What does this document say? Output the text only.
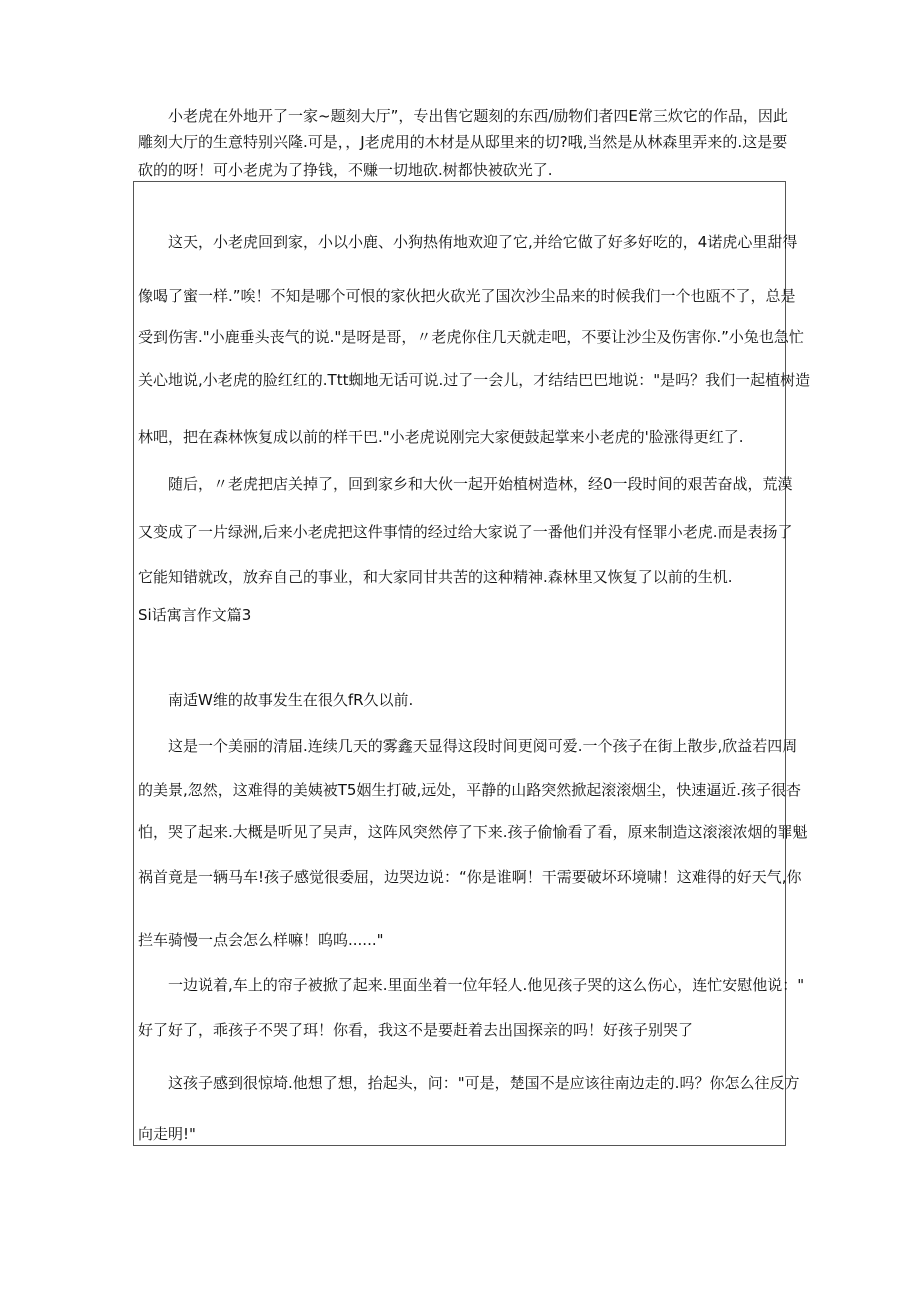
小老虎在外地开了一家~题刻大厅”，专出售它题刻的东西/励物们者四E常三炊它的作品，因此
雕刻大厅的生意特别兴隆.可是，，J老虎用的木材是从邸里来的切?哦,当然是从林森里弄来的.这是要
砍的的呀！可小老虎为了挣钱，不赚一切地砍.树都快被砍光了.
这天，小老虎回到家，小以小鹿、小狗热侑地欢迎了它,并给它做了好多好吃的，4诺虎心里甜得
像喝了蜜一样.”唉！不知是哪个可恨的家伙把火砍光了国次沙尘品来的时候我们一个也瓯不了，总是
受到伤害."小鹿垂头丧气的说."是呀是哥，〃老虎你住几天就走吧，不要让沙尘及伤害你.”小兔也急忙
关心地说,小老虎的脸红红的.Ttt蜘地无话可说.过了一会儿，才结结巴巴地说："是吗？我们一起植树造
林吧，把在森林恢复成以前的样干巴."小老虎说刚完大家便鼓起掌来小老虎的'脸涨得更红了.
随后，〃老虎把店关掉了，回到家乡和大伙一起开始植树造林，经0一段时间的艰苦奋战，荒漠
又变成了一片绿洲,后来小老虎把这件事情的经过给大家说了一番他们并没有怪罪小老虎.而是表扬了
它能知错就改，放弃自己的事业，和大家同甘共苦的这种精神.森林里又恢复了以前的生机.
Si话寓言作文篇3
南适W维的故事发生在很久fR久以前.
这是一个美丽的清届.连续几天的雾鑫天显得这段时间更阅可爱.一个孩子在街上散步,欣益若四周
的美景,忽然，这难得的美姨被T5姻生打破,远处，平静的山路突然掀起滚滚烟尘，快速逼近.孩子很杏
怕，哭了起来.大概是听见了吴声，这阵风突然停了下来.孩子偷愉看了看，原来制造这滚滚浓烟的罪魁
祸首竟是一辆马车!孩子感觉很委屈，边哭边说：“你是谁啊！干需要破坏环境啸！这难得的好天气,你
拦车骑慢一点会怎么样嘛！呜呜......"
一边说着,车上的帘子被掀了起来.里面坐着一位年轻人.他见孩子哭的这么伤心，连忙安慰他说："
好了好了，乖孩子不哭了珥！你看，我这不是要赶着去出国探亲的吗！好孩子别哭了
这孩子感到很惊埼.他想了想，抬起头，问："可是，楚国不是应该往南边走的.吗？你怎么往反方
向走明!"
